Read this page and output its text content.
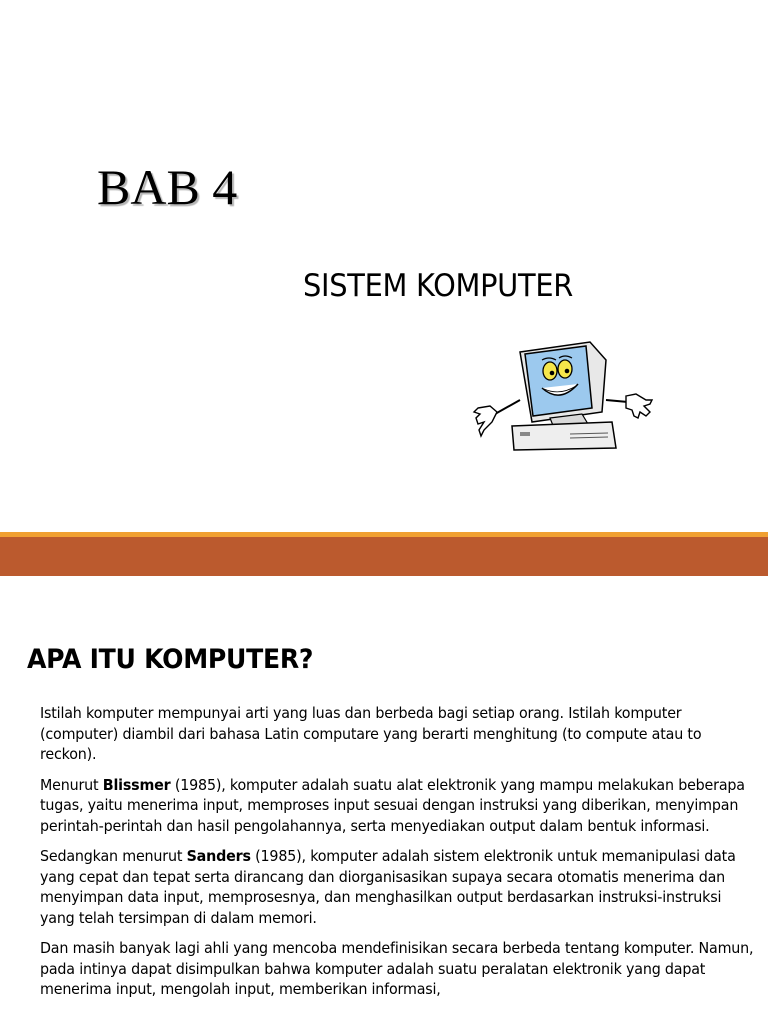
BAB 4
SISTEM KOMPUTER
APA ITU KOMPUTER?

Istilah komputer mempunyai arti yang luas dan berbeda bagi setiap orang. Istilah komputer (computer) diambil dari bahasa Latin computare yang berarti menghitung (to compute atau to reckon).

Menurut Blissmer (1985), komputer adalah suatu alat elektronik yang mampu melakukan beberapa tugas, yaitu menerima input, memproses input sesuai dengan instruksi yang diberikan, menyimpan perintah-perintah dan hasil pengolahannya, serta menyediakan output dalam bentuk informasi.

Sedangkan menurut Sanders (1985), komputer adalah sistem elektronik untuk memanipulasi data yang cepat dan tepat serta dirancang dan diorganisasikan supaya secara otomatis menerima dan menyimpan data input, memprosesnya, dan menghasilkan output berdasarkan instruksi-instruksi yang telah tersimpan di dalam memori.

Dan masih banyak lagi ahli yang mencoba mendefinisikan secara berbeda tentang komputer. Namun, pada intinya dapat disimpulkan bahwa komputer adalah suatu peralatan elektronik yang dapat menerima input, mengolah input, memberikan informasi,
